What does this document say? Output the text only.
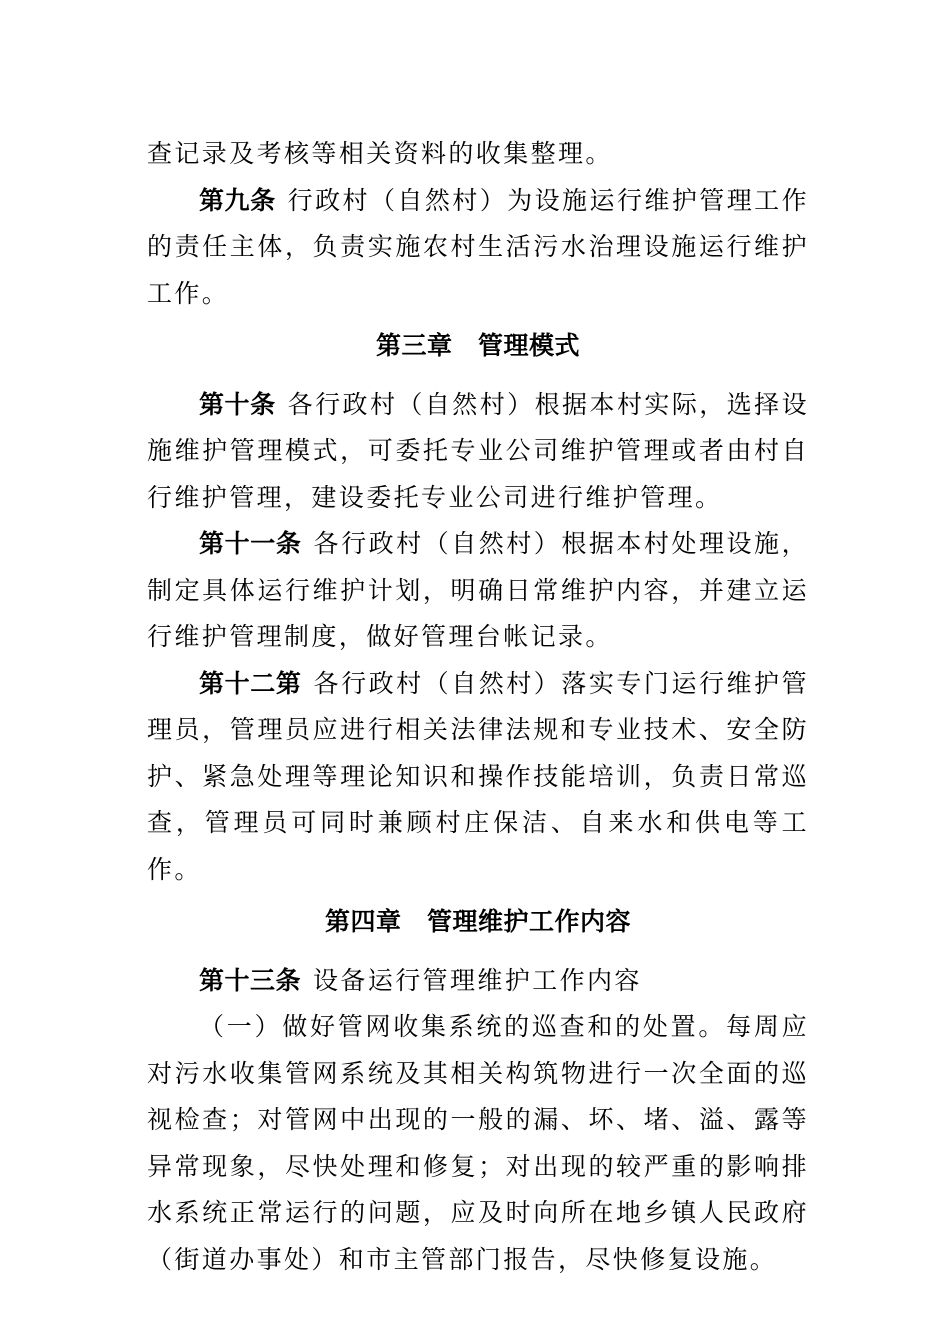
查记录及考核等相关资料的收集整理。

第九条 行政村（自然村）为设施运行维护管理工作的责任主体，负责实施农村生活污水治理设施运行维护工作。

第三章　管理模式

第十条 各行政村（自然村）根据本村实际，选择设施维护管理模式，可委托专业公司维护管理或者由村自行维护管理，建设委托专业公司进行维护管理。

第十一条 各行政村（自然村）根据本村处理设施，制定具体运行维护计划，明确日常维护内容，并建立运行维护管理制度，做好管理台帐记录。

第十二第 各行政村（自然村）落实专门运行维护管理员，管理员应进行相关法律法规和专业技术、安全防护、紧急处理等理论知识和操作技能培训，负责日常巡查，管理员可同时兼顾村庄保洁、自来水和供电等工作。

第四章　管理维护工作内容

第十三条 设备运行管理维护工作内容

（一）做好管网收集系统的巡查和的处置。每周应对污水收集管网系统及其相关构筑物进行一次全面的巡视检查；对管网中出现的一般的漏、坏、堵、溢、露等异常现象，尽快处理和修复；对出现的较严重的影响排水系统正常运行的问题，应及时向所在地乡镇人民政府（街道办事处）和市主管部门报告，尽快修复设施。
